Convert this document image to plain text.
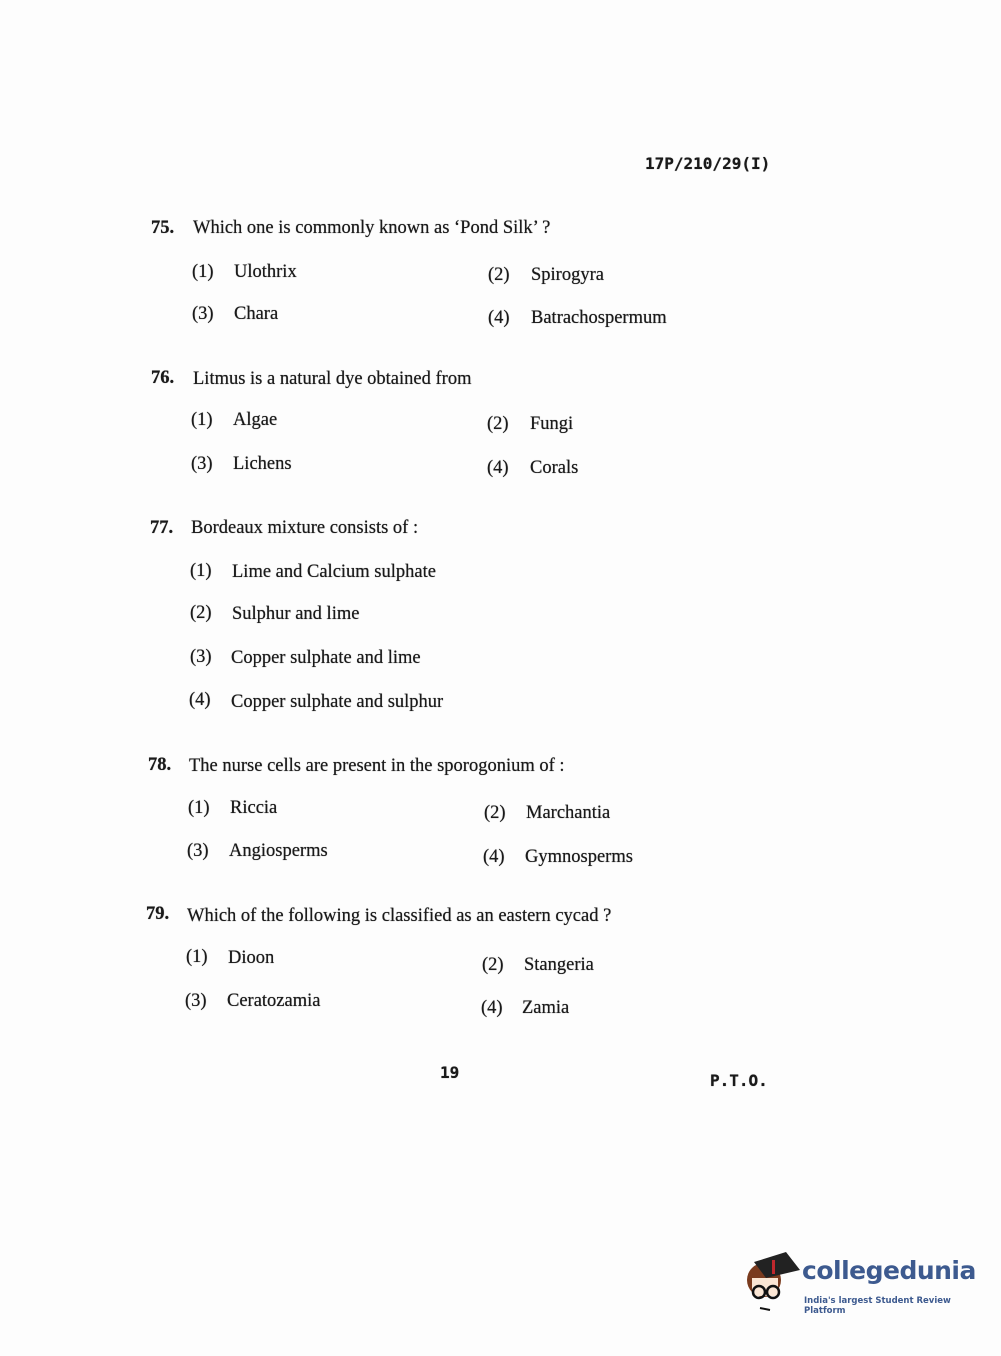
17P/210/29(I)
75. Which one is commonly known as ‘Pond Silk’ ?
(1) Ulothrix	(2) Spirogyra
(3) Chara	(4) Batrachospermum
76. Litmus is a natural dye obtained from
(1) Algae	(2) Fungi
(3) Lichens	(4) Corals
77. Bordeaux mixture consists of :
(1) Lime and Calcium sulphate
(2) Sulphur and lime
(3) Copper sulphate and lime
(4) Copper sulphate and sulphur
78. The nurse cells are present in the sporogonium of :
(1) Riccia	(2) Marchantia
(3) Angiosperms	(4) Gymnosperms
79. Which of the following is classified as an eastern cycad ?
(1) Dioon	(2) Stangeria
(3) Ceratozamia	(4) Zamia
19	P.T.O.
collegedunia
India's largest Student Review Platform
